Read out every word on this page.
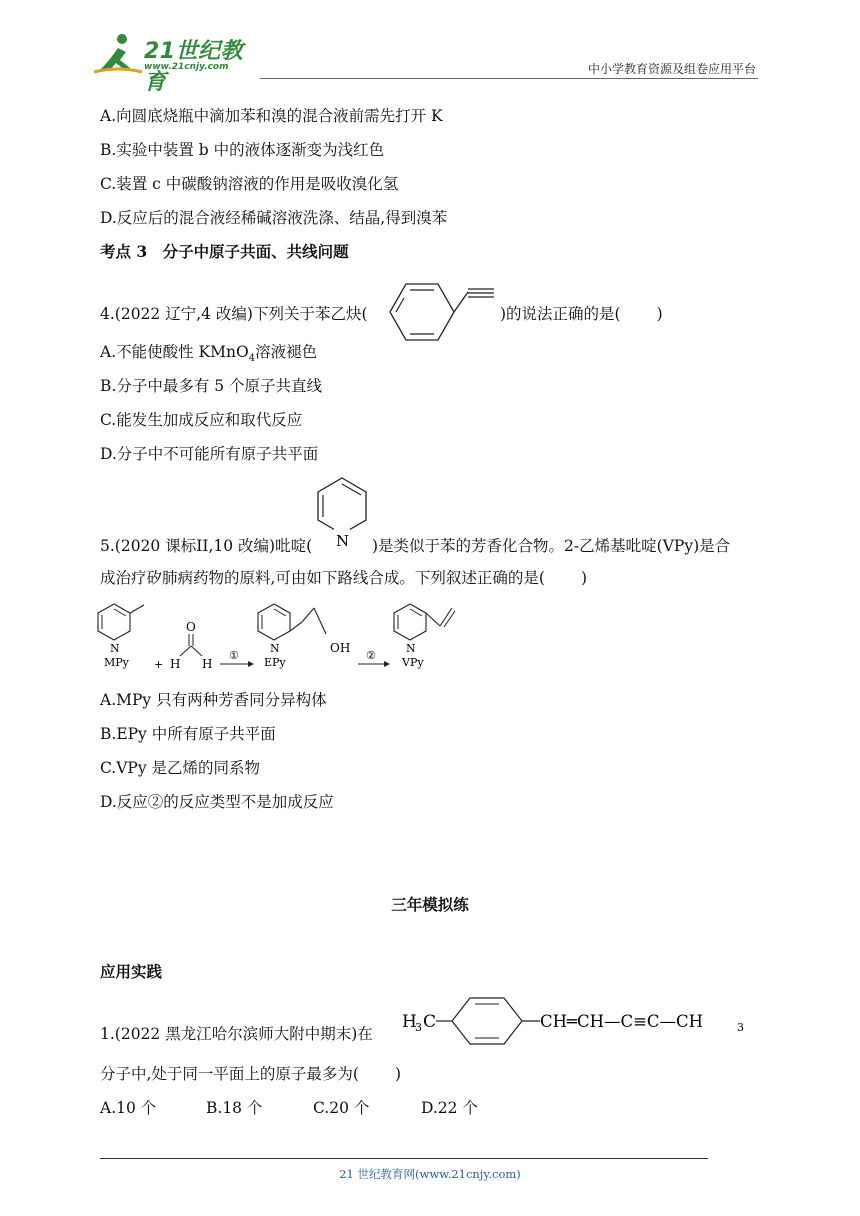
21世纪教育
www.21cnjy.com	中小学教育资源及组卷应用平台
A.向圆底烧瓶中滴加苯和溴的混合液前需先打开 K
B.实验中装置 b 中的液体逐渐变为浅红色
C.装置 c 中碳酸钠溶液的作用是吸收溴化氢
D.反应后的混合液经稀碱溶液洗涤、结晶,得到溴苯
考点 3　分子中原子共面、共线问题
4.(2022 辽宁,4 改编)下列关于苯乙炔(	)的说法正确的是( )
A.不能使酸性 KMnO$_4$溶液褪色
B.分子中最多有 5 个原子共直线
C.能发生加成反应和取代反应
D.分子中不可能所有原子共平面
5.(2020 课标II,10 改编)吡啶( N )是类似于苯的芳香化合物。2-乙烯基吡啶(VPy)是合
成治疗矽肺病药物的原料,可由如下路线合成。下列叙述正确的是( )
N
MPy +
O
H H
①
N
EPy
OH
②
N
VPy
A.MPy 只有两种芳香同分异构体
B.EPy 中所有原子共平面
C.VPy 是乙烯的同系物
D.反应②的反应类型不是加成反应
三年模拟练
应用实践
1.(2022 黑龙江哈尔滨师大附中期末)在
H
3 C	CH═CH—C≡C—CH	3
分子中,处于同一平面上的原子最多为( )
A.10 个	B.18 个	C.20 个	D.22 个
21 世纪教育网(www.21cnjy.com)
